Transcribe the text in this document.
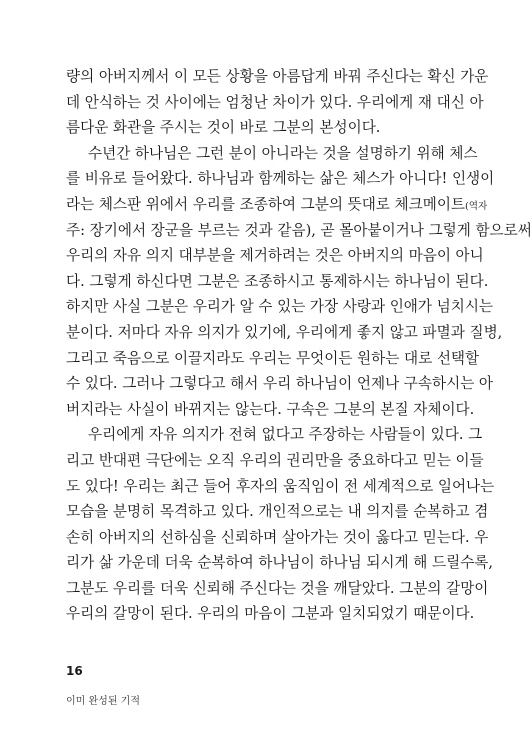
량의 아버지께서 이 모든 상황을 아름답게 바꿔 주신다는 확신 가운
데 안식하는 것 사이에는 엄청난 차이가 있다. 우리에게 재 대신 아
름다운 화관을 주시는 것이 바로 그분의 본성이다.
수년간 하나님은 그런 분이 아니라는 것을 설명하기 위해 체스
를 비유로 들어왔다. 하나님과 함께하는 삶은 체스가 아니다! 인생이
라는 체스판 위에서 우리를 조종하여 그분의 뜻대로 체크메이트(역자
주: 장기에서 장군을 부르는 것과 같음), 곧 몰아붙이거나 그렇게 함으로써
우리의 자유 의지 대부분을 제거하려는 것은 아버지의 마음이 아니
다. 그렇게 하신다면 그분은 조종하시고 통제하시는 하나님이 된다.
하지만 사실 그분은 우리가 알 수 있는 가장 사랑과 인애가 넘치시는
분이다. 저마다 자유 의지가 있기에, 우리에게 좋지 않고 파멸과 질병,
그리고 죽음으로 이끌지라도 우리는 무엇이든 원하는 대로 선택할
수 있다. 그러나 그렇다고 해서 우리 하나님이 언제나 구속하시는 아
버지라는 사실이 바뀌지는 않는다. 구속은 그분의 본질 자체이다.
우리에게 자유 의지가 전혀 없다고 주장하는 사람들이 있다. 그
리고 반대편 극단에는 오직 우리의 권리만을 중요하다고 믿는 이들
도 있다! 우리는 최근 들어 후자의 움직임이 전 세계적으로 일어나는
모습을 분명히 목격하고 있다. 개인적으로는 내 의지를 순복하고 겸
손히 아버지의 선하심을 신뢰하며 살아가는 것이 옳다고 믿는다. 우
리가 삶 가운데 더욱 순복하여 하나님이 하나님 되시게 해 드릴수록,
그분도 우리를 더욱 신뢰해 주신다는 것을 깨달았다. 그분의 갈망이
우리의 갈망이 된다. 우리의 마음이 그분과 일치되었기 때문이다.
16
이미 완성된 기적
